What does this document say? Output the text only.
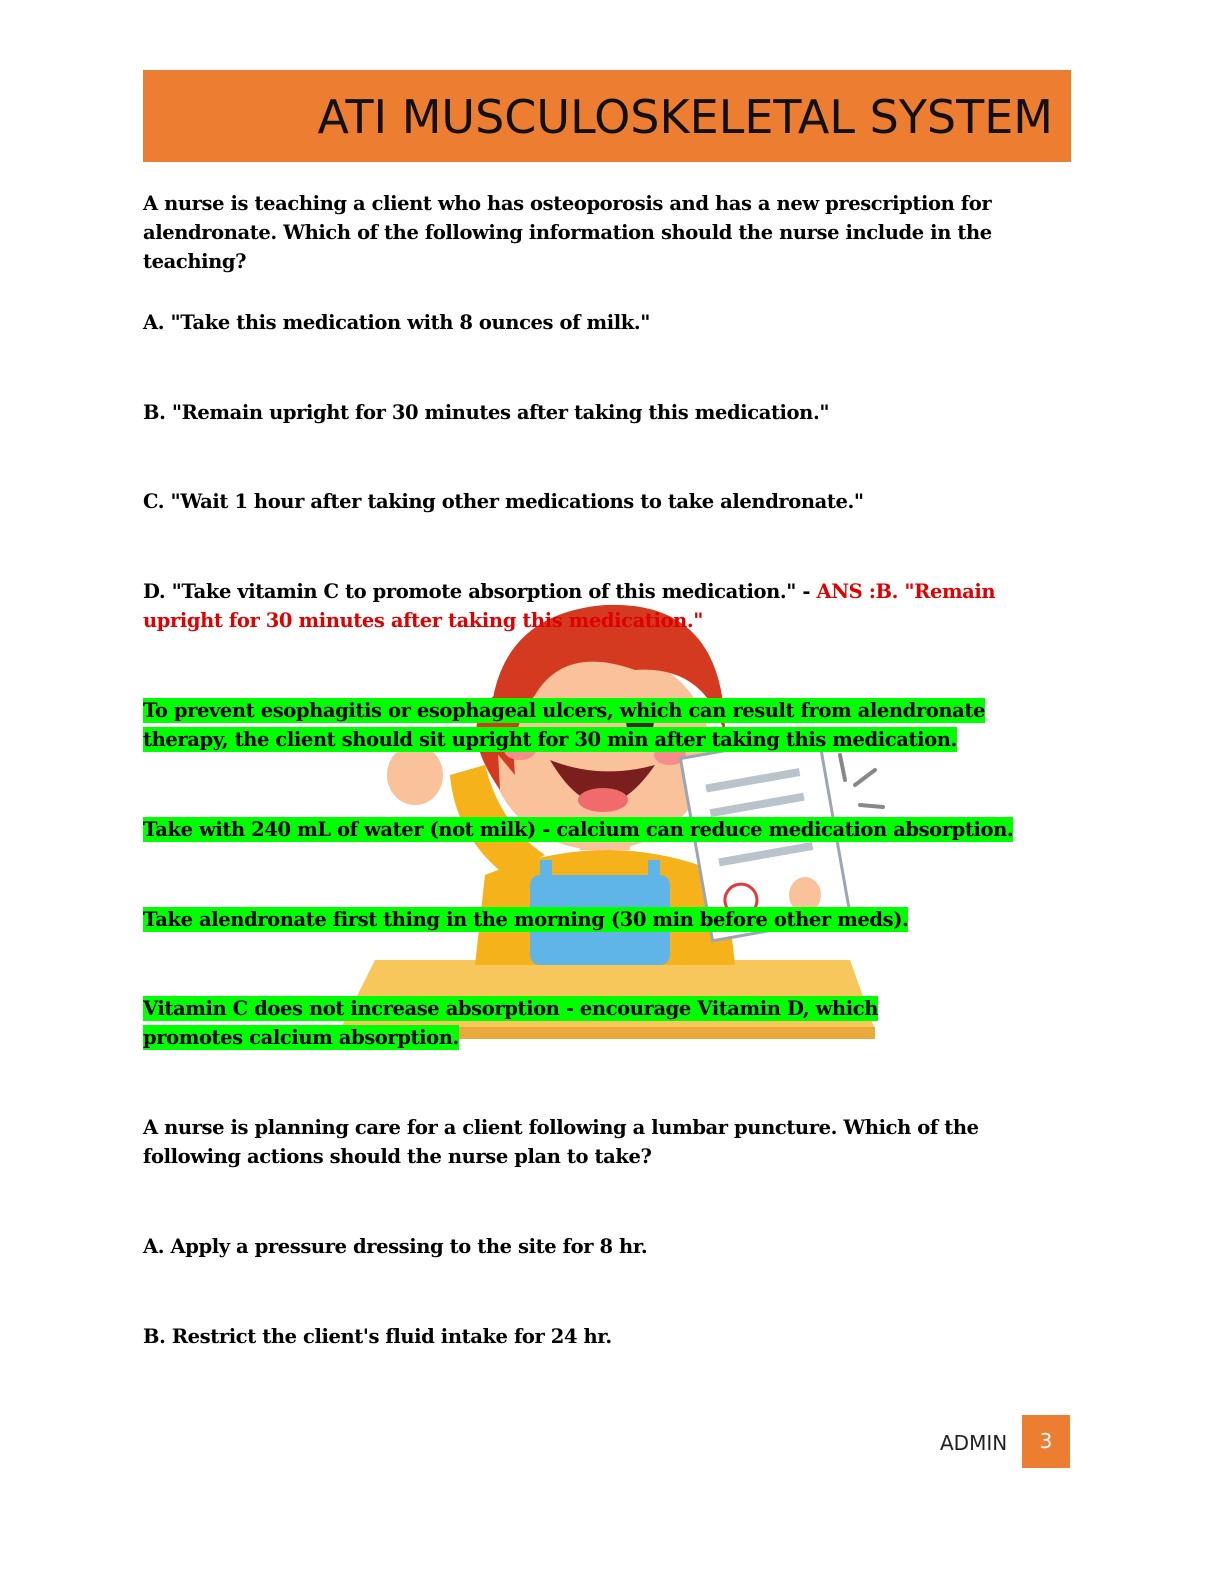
ATI MUSCULOSKELETAL SYSTEM
A nurse is teaching a client who has osteoporosis and has a new prescription for alendronate. Which of the following information should the nurse include in the teaching?
A. "Take this medication with 8 ounces of milk."
B. "Remain upright for 30 minutes after taking this medication."
C. "Wait 1 hour after taking other medications to take alendronate."
D. "Take vitamin C to promote absorption of this medication." - ANS :B. "Remain upright for 30 minutes after taking this medication."
To prevent esophagitis or esophageal ulcers, which can result from alendronate therapy, the client should sit upright for 30 min after taking this medication.
Take with 240 mL of water (not milk) - calcium can reduce medication absorption.
Take alendronate first thing in the morning (30 min before other meds).
Vitamin C does not increase absorption - encourage Vitamin D, which promotes calcium absorption.
A nurse is planning care for a client following a lumbar puncture. Which of the following actions should the nurse plan to take?
A. Apply a pressure dressing to the site for 8 hr.
B. Restrict the client's fluid intake for 24 hr.
ADMIN	3
